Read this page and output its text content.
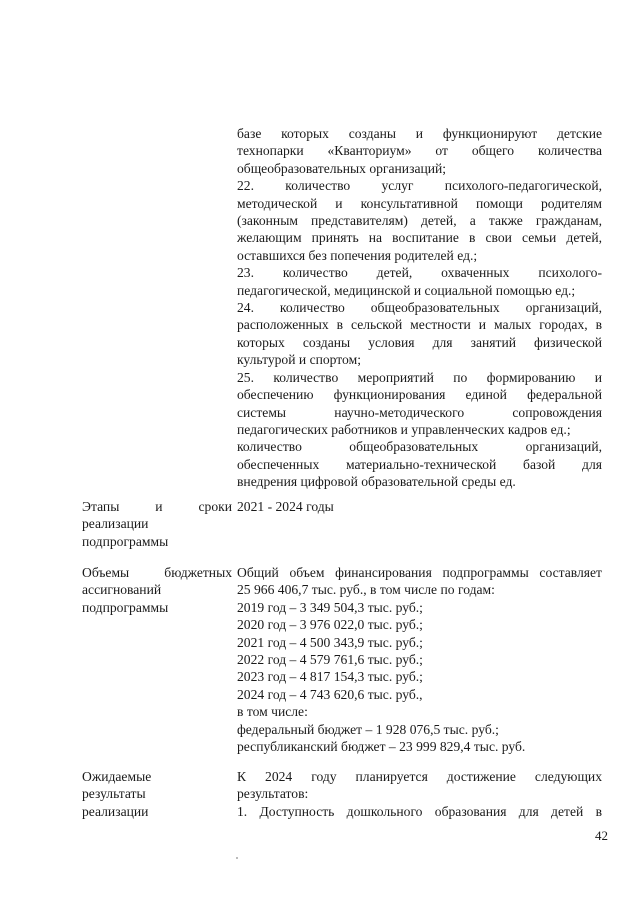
базе которых созданы и функционируют детские
технопарки «Кванториум» от общего количества
общеобразовательных организаций;
22. количество услуг психолого-педагогической,
методической и консультативной помощи родителям
(законным представителям) детей, а также гражданам,
желающим принять на воспитание в свои семьи детей,
оставшихся без попечения родителей ед.;
23. количество детей, охваченных психолого-
педагогической, медицинской и социальной помощью ед.;
24. количество общеобразовательных организаций,
расположенных в сельской местности и малых городах, в
которых созданы условия для занятий физической
культурой и спортом;
25. количество мероприятий по формированию и
обеспечению функционирования единой федеральной
системы научно-методического сопровождения
педагогических работников и управленческих кадров ед.;
количество общеобразовательных организаций,
обеспеченных материально-технической базой для
внедрения цифровой образовательной среды ед.
Этапы и сроки
реализации
подпрограммы
2021 - 2024 годы
Объемы бюджетных
ассигнований
подпрограммы
Общий объем финансирования подпрограммы составляет
25 966 406,7 тыс. руб., в том числе по годам:
2019 год – 3 349 504,3 тыс. руб.;
2020 год – 3 976 022,0 тыс. руб.;
2021 год – 4 500 343,9 тыс. руб.;
2022 год – 4 579 761,6 тыс. руб.;
2023 год – 4 817 154,3 тыс. руб.;
2024 год – 4 743 620,6 тыс. руб.,
в том числе:
федеральный бюджет – 1 928 076,5 тыс. руб.;
республиканский бюджет – 23 999 829,4 тыс. руб.
Ожидаемые
результаты
реализации
К 2024 году планируется достижение следующих
результатов:
1. Доступность дошкольного образования для детей в
42
